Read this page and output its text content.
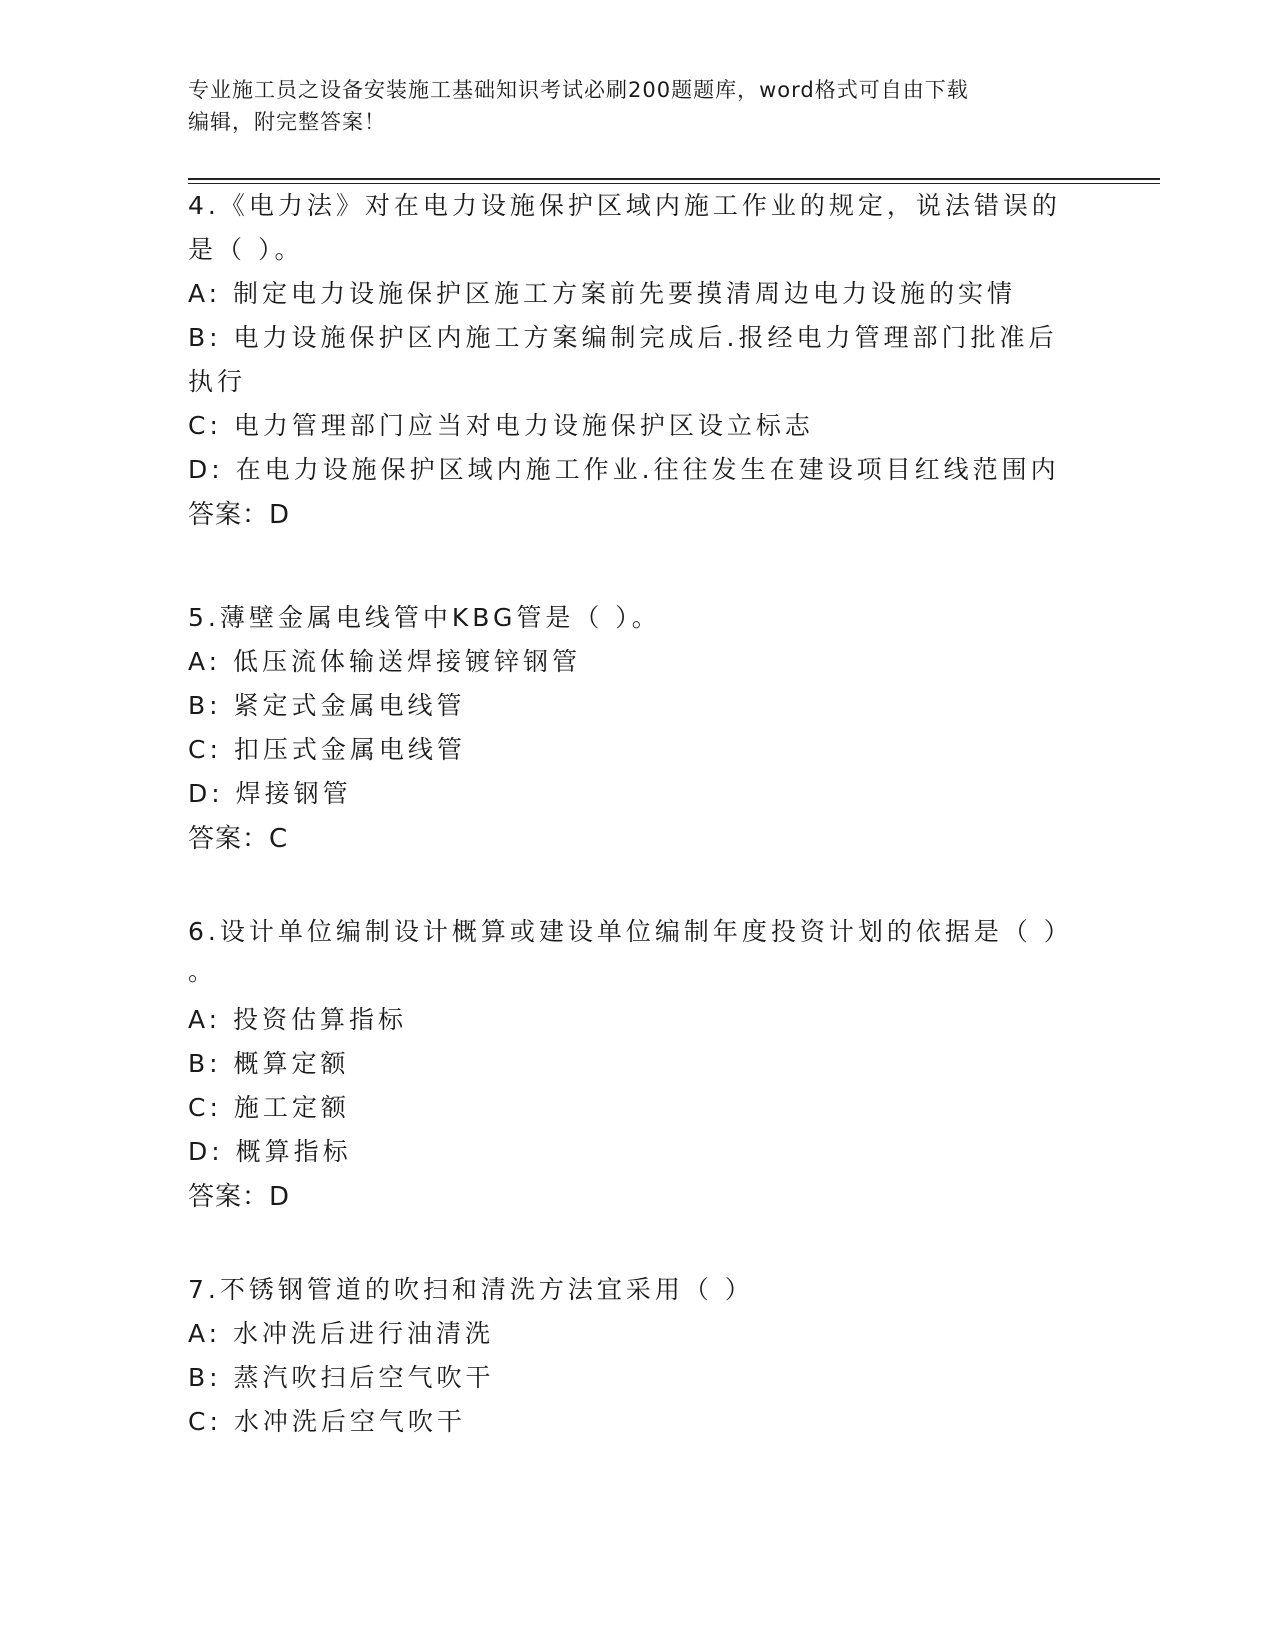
专业施工员之设备安装施工基础知识考试必刷200题题库，word格式可自由下载
编辑，附完整答案！
4.《电力法》对在电力设施保护区域内施工作业的规定，说法错误的
是（ ）。
A: 制定电力设施保护区施工方案前先要摸清周边电力设施的实情
B: 电力设施保护区内施工方案编制完成后.报经电力管理部门批准后
执行
C: 电力管理部门应当对电力设施保护区设立标志
D: 在电力设施保护区域内施工作业.往往发生在建设项目红线范围内
答案：D
5.薄壁金属电线管中KBG管是（ ）。
A: 低压流体输送焊接镀锌钢管
B: 紧定式金属电线管
C: 扣压式金属电线管
D: 焊接钢管
答案：C
6.设计单位编制设计概算或建设单位编制年度投资计划的依据是（ ）
。
A: 投资估算指标
B: 概算定额
C: 施工定额
D: 概算指标
答案：D
7.不锈钢管道的吹扫和清洗方法宜采用（ ）
A: 水冲洗后进行油清洗
B: 蒸汽吹扫后空气吹干
C: 水冲洗后空气吹干
